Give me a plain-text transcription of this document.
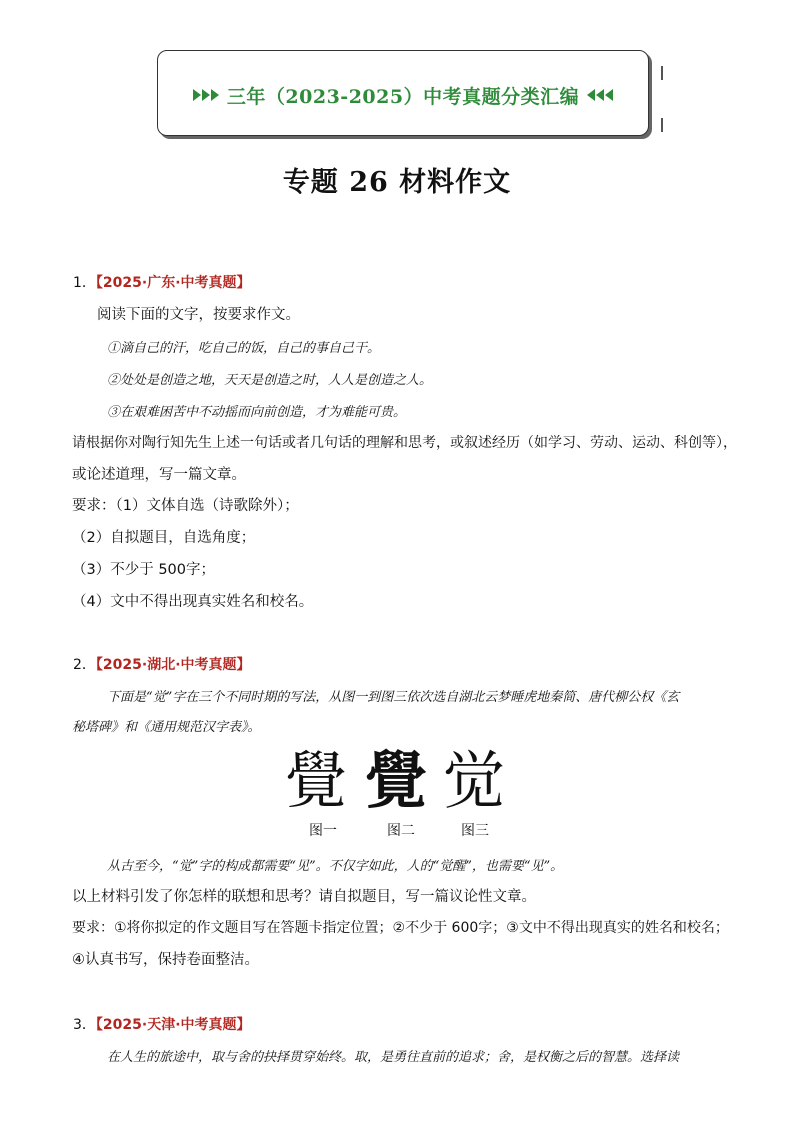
三年（2023-2025）中考真题分类汇编
专题 26 材料作文
1．【2025·广东·中考真题】
阅读下面的文字，按要求作文。
①滴自己的汗，吃自己的饭，自己的事自己干。
②处处是创造之地，天天是创造之时，人人是创造之人。
③在艰难困苦中不动摇而向前创造，才为难能可贵。
请根据你对陶行知先生上述一句话或者几句话的理解和思考，或叙述经历（如学习、劳动、运动、科创等），
或论述道理，写一篇文章。
要求：（1）文体自选（诗歌除外）；
（2）自拟题目，自选角度；
（3）不少于 500字；
（4）文中不得出现真实姓名和校名。
2．【2025·湖北·中考真题】
下面是“觉”字在三个不同时期的写法，从图一到图三依次选自湖北云梦睡虎地秦简、唐代柳公权《玄
秘塔碑》和《通用规范汉字表》。
覺 覺 觉
图一	图二	图三
从古至今，“觉”字的构成都需要“见”。不仅字如此，人的“觉醒”，也需要“见”。
以上材料引发了你怎样的联想和思考？请自拟题目，写一篇议论性文章。
要求：①将你拟定的作文题目写在答题卡指定位置；②不少于 600字；③文中不得出现真实的姓名和校名；
④认真书写，保持卷面整洁。
3．【2025·天津·中考真题】
在人生的旅途中，取与舍的抉择贯穿始终。取，是勇往直前的追求；舍，是权衡之后的智慧。选择读
